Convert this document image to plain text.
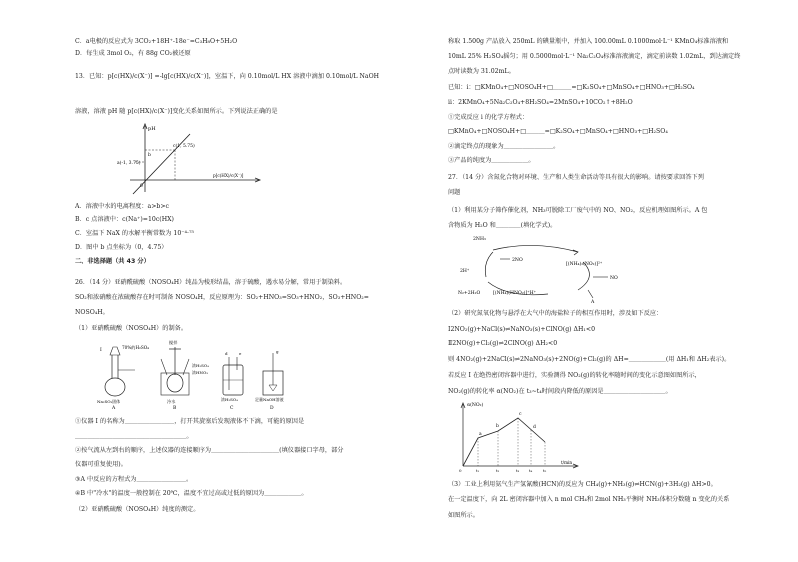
C．a电极的反应式为 3CO₂+18H⁺-18e⁻=C₃H₈O+5H₂O
D．每生成 3mol O₂，有 88g CO₂被还原
13．已知：p[c(HX)/c(X⁻)] =-lg[c(HX)/c(X⁻)]，室温下，向 0.10mol/L HX 溶液中滴加 0.10mol/L NaOH
溶液，溶液 pH 随 p[c(HX)/c(X⁻)]变化关系如图所示。下列说法正确的是
A．溶液中水的电离程度：a>b>c
B．c 点溶液中：c(Na⁺)=10c(HX)
C．室温下 NaX 的水解平衡常数为 10⁻⁴·⁷⁵
D．图中 b 点坐标为（0，4.75）
二、非选择题（共 43 分）
26．（14 分）亚硝酰硫酸（NOSO₄H）纯品为棱形结晶，溶于硫酸，遇水易分解，常用于制染料。
SO₂和浓硝酸在浓硫酸存在时可制备 NOSO₄H，反应原理为：SO₂+HNO₃=SO₃+HNO₂，SO₃+HNO₂=
NOSO₄H。
（1）亚硝酰硫酸（NOSO₄H）的制备。
①仪器 I 的名称为＿＿＿＿＿＿＿＿，打开其旋塞后发现液体不下滴，可能的原因是
＿＿＿＿＿＿＿＿＿＿＿＿＿＿＿＿＿＿。
②按气流从左到右的顺序，上述仪器的连接顺序为＿＿＿＿＿＿＿＿＿＿＿(填仪器接口字母，部分
仪器可重复使用)。
③A 中反应的方程式为＿＿＿＿＿＿＿＿。
④B 中"冷水"的温度一般控制在 20℃，温度不宜过高或过低的原因为＿＿＿＿＿＿。
（2）亚硝酰硫酸（NOSO₄H）纯度的测定。
pH
a(-1, 3.75)
b
c(1, 5.75)
0
p[c(HX)/c(X⁻)]
I
70%的H₂SO₄
Na₂SO₃固体
A
搅拌
浓H₂SO₄
浓HNO₃
冷水
B
d	e
浓H₂SO₄
C
g
足量NaOH溶液
D
称取 1.500g 产品放入 250mL 的碘量瓶中，并加入 100.00mL 0.1000mol·L⁻¹ KMnO₄标准溶液和
10mL 25% H₂SO₄摇匀；用 0.5000mol·L⁻¹ Na₂C₂O₄标准溶液滴定，滴定前读数 1.02mL，到达滴定终
点时读数为 31.02mL。
已知：i：□KMnO₄+□NOSO₄H+□＿＿＿=□K₂SO₄+□MnSO₄+□HNO₃+□H₂SO₄
ii：2KMnO₄+5Na₂C₂O₄+8H₂SO₄=2MnSO₄+10CO₂↑+8H₂O
①完成反应 i 的化学方程式：
□KMnO₄+□NOSO₄H+□＿＿＿=□K₂SO₄+□MnSO₄+□HNO₃+□H₂SO₄
②滴定终点的现象为＿＿＿＿＿＿＿＿。
③产品的纯度为＿＿＿＿＿＿。
27．（14 分）含氮化合物对环境、生产和人类生命活动等具有很大的影响。请按要求回答下列
问题
（1）利用某分子筛作催化剂，NH₃可脱除工厂废气中的 NO、NO₂，反应机理如图所示。A 包
含物质为 H₂O 和＿＿＿＿(填化学式)。
（2）研究氮氧化物与悬浮在大气中的海盐粒子的相互作用时，涉及如下反应：
Ⅰ2NO₂(g)+NaCl(s)⇌NaNO₃(s)+ClNO(g) ΔH₁<0
Ⅱ2NO(g)+Cl₂(g)⇌2ClNO(g) ΔH₂<0
则 4NO₂(g)+2NaCl(s)⇌2NaNO₃(s)+2NO(g)+Cl₂(g)的 ΔH=＿＿＿＿＿＿(用 ΔH₁和 ΔH₂表示)。
若反应 I 在绝热密闭容器中进行，实验测得 NO₂(g)的转化率随时间的变化示意图如图所示，
NO₂(g)的转化率 α(NO₂)在 t₃~t₄时间段内降低的原因是＿＿＿＿＿＿＿＿＿＿。
（3）工业上利用氨气生产氢氰酸(HCN)的反应为 CH₄(g)+NH₃(g)⇌HCN(g)+3H₂(g) ΔH>0。
在一定温度下，向 2L 密闭容器中加入 n mol CH₄和 2mol NH₃平衡时 NH₃体积分数随 n 变化的关系
如图所示。
2NH₃
2NO
[(NH₄)₂(NO₂)]²⁺
[(NH₄)(HNO₂)]⁺H⁺
N₂+2H₂O
2H⁺
NO
A
α(NO₂)
t/min
a
b
c
d
0	t₁	t₂	t₃ t₄	t₅
